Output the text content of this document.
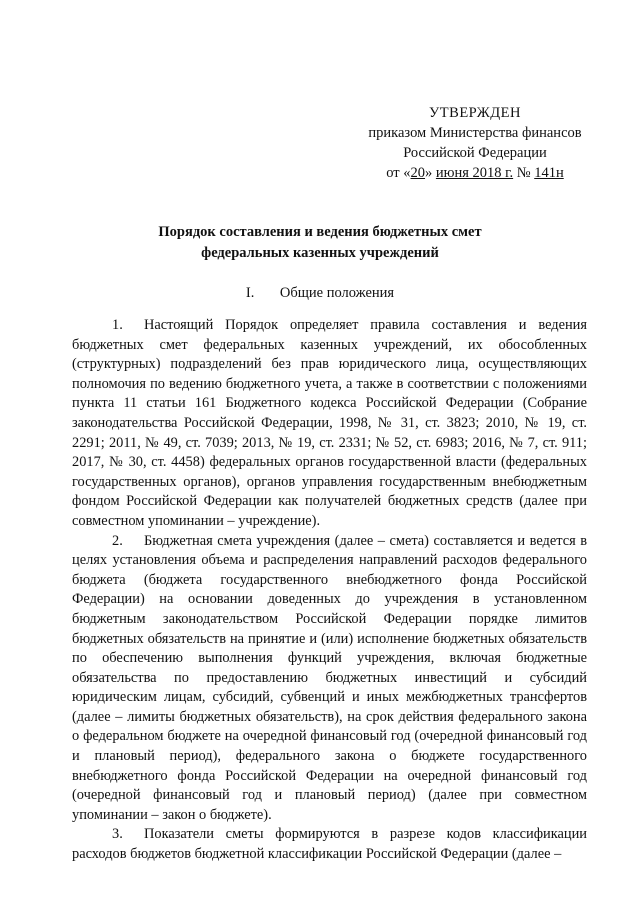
УТВЕРЖДЕН
приказом Министерства финансов
Российской Федерации
от «20» июня 2018 г. № 141н
Порядок составления и ведения бюджетных смет
федеральных казенных учреждений
I. Общие положения

1. Настоящий Порядок определяет правила составления и ведения бюджетных смет федеральных казенных учреждений, их обособленных (структурных) подразделений без прав юридического лица, осуществляющих полномочия по ведению бюджетного учета, а также в соответствии с положениями пункта 11 статьи 161 Бюджетного кодекса Российской Федерации (Собрание законодательства Российской Федерации, 1998, № 31, ст. 3823; 2010, № 19, ст. 2291; 2011, № 49, ст. 7039; 2013, № 19, ст. 2331; № 52, ст. 6983; 2016, № 7, ст. 911; 2017, № 30, ст. 4458) федеральных органов государственной власти (федеральных государственных органов), органов управления государственным внебюджетным фондом Российской Федерации как получателей бюджетных средств (далее при совместном упоминании – учреждение).

2. Бюджетная смета учреждения (далее – смета) составляется и ведется в целях установления объема и распределения направлений расходов федерального бюджета (бюджета государственного внебюджетного фонда Российской Федерации) на основании доведенных до учреждения в установленном бюджетным законодательством Российской Федерации порядке лимитов бюджетных обязательств на принятие и (или) исполнение бюджетных обязательств по обеспечению выполнения функций учреждения, включая бюджетные обязательства по предоставлению бюджетных инвестиций и субсидий юридическим лицам, субсидий, субвенций и иных межбюджетных трансфертов (далее – лимиты бюджетных обязательств), на срок действия федерального закона о федеральном бюджете на очередной финансовый год (очередной финансовый год и плановый период), федерального закона о бюджете государственного внебюджетного фонда Российской Федерации на очередной финансовый год (очередной финансовый год и плановый период) (далее при совместном упоминании – закон о бюджете).

3. Показатели сметы формируются в разрезе кодов классификации расходов бюджетов бюджетной классификации Российской Федерации (далее –
